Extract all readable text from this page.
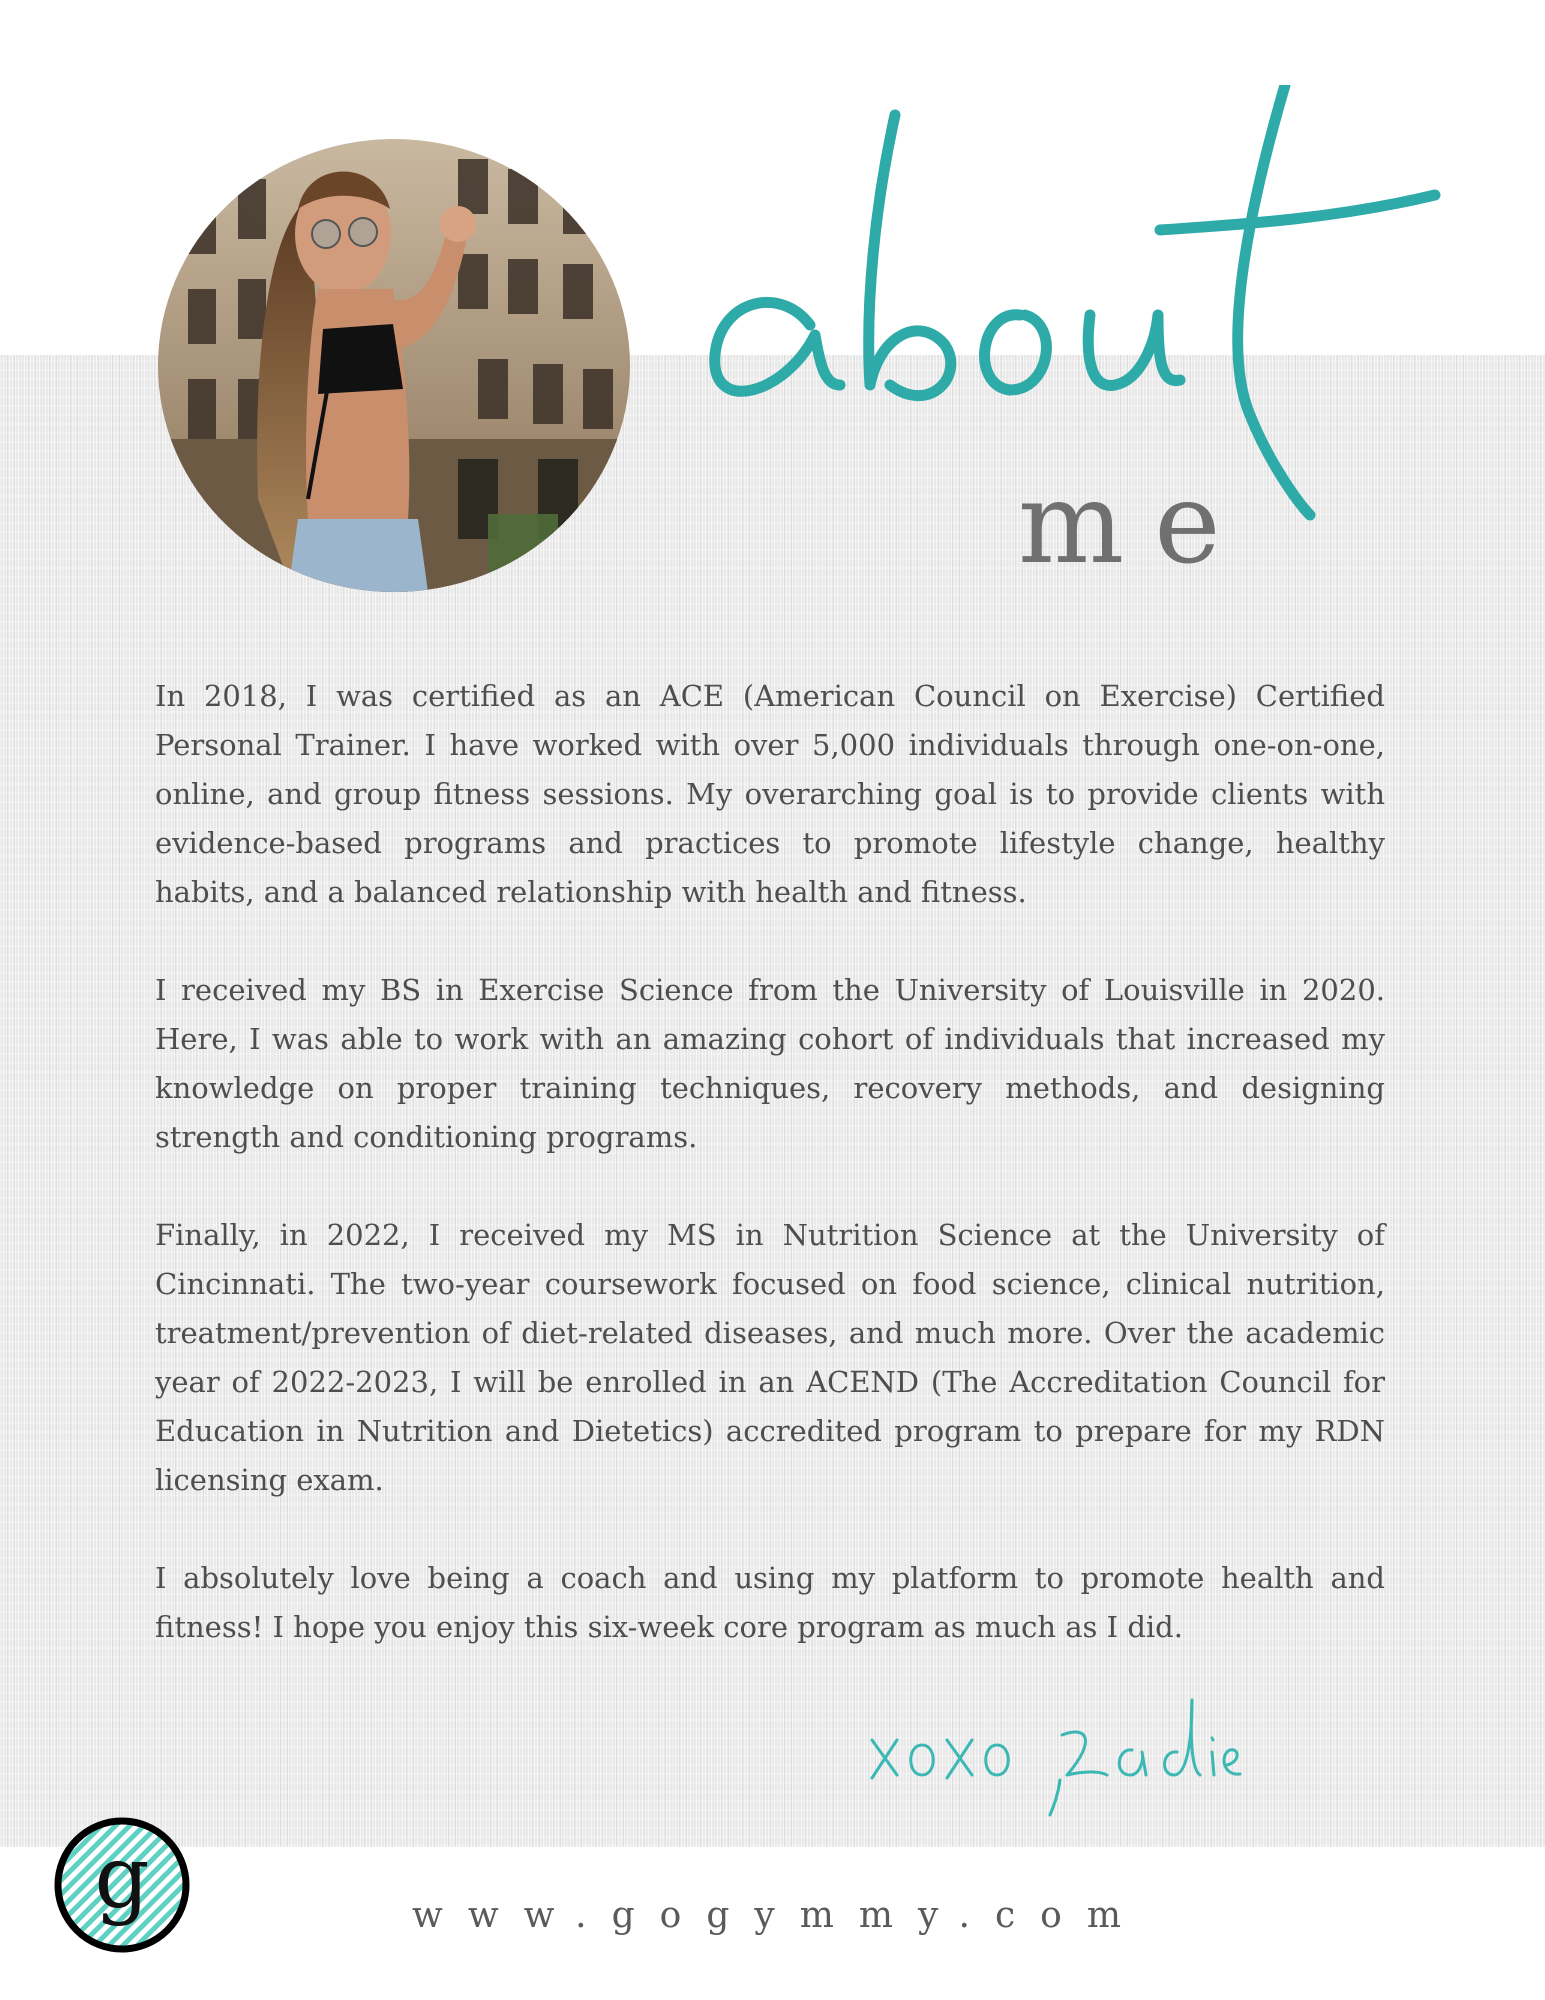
me

In 2018, I was certified as an ACE (American Council on Exercise) Certified Personal Trainer. I have worked with over 5,000 individuals through one-on-one, online, and group fitness sessions. My overarching goal is to provide clients with evidence-based programs and practices to promote lifestyle change, healthy habits, and a balanced relationship with health and fitness.

I received my BS in Exercise Science from the University of Louisville in 2020. Here, I was able to work with an amazing cohort of individuals that increased my knowledge on proper training techniques, recovery methods, and designing strength and conditioning programs.

Finally, in 2022, I received my MS in Nutrition Science at the University of Cincinnati. The two-year coursework focused on food science, clinical nutrition, treatment/prevention of diet-related diseases, and much more. Over the academic year of 2022-2023, I will be enrolled in an ACEND (The Accreditation Council for Education in Nutrition and Dietetics) accredited program to prepare for my RDN licensing exam.

I absolutely love being a coach and using my platform to promote health and fitness! I hope you enjoy this six-week core program as much as I did.

g	www.gogymmy.com
